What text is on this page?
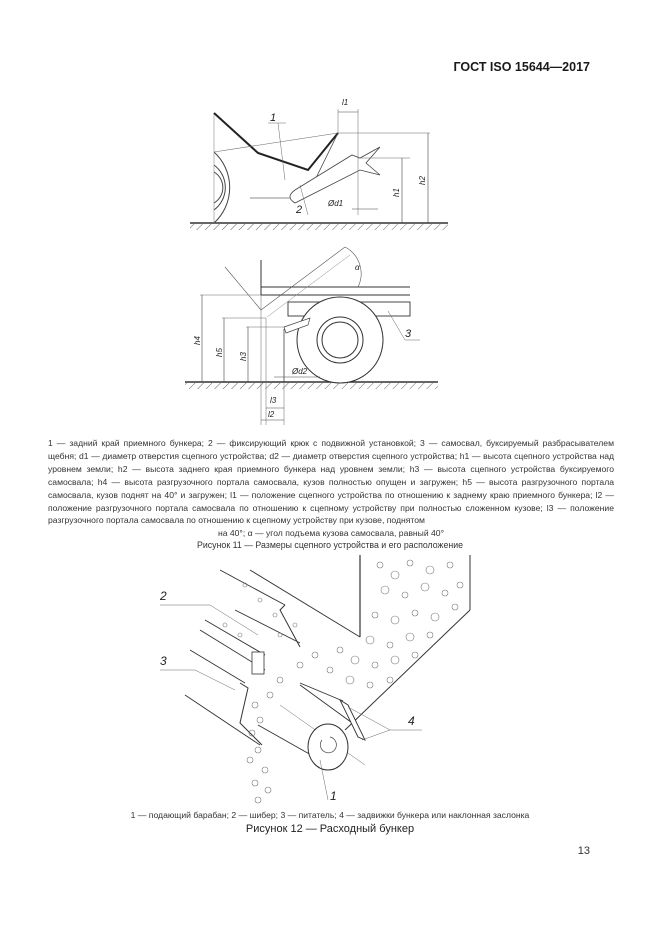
ГОСТ ISO 15644—2017
1
2
l1
Ød1
h1
h2
3
α
Ød2
l3
l2
h4
h5 h3
1 — задний край приемного бункера; 2 — фиксирующий крюк с подвижной установкой; 3 — самосвал, буксируемый разбрасывателем щебня; d1 — диаметр отверстия сцепного устройства; d2 — диаметр отверстия сцепного устройства; h1 — высота сцепного устройства над уровнем земли; h2 — высота заднего края приемного бункера над уровнем земли; h3 — высота сцепного устройства буксируемого самосвала; h4 — высота разгрузочного портала самосвала, кузов полностью опущен и загружен; h5 — высота разгрузочного портала самосвала, кузов поднят на 40° и загружен; l1 — положение сцепного устройства по отношению к заднему краю приемного бункера; l2 — положение разгрузочного портала самосвала по отношению к сцепному устройству при полностью сложенном кузове; l3 — положение разгрузочного портала самосвала по отношению к сцепному устройству при кузове, поднятом
на 40°; α — угол подъема кузова самосвала, равный 40°
Рисунок 11 — Размеры сцепного устройства и его расположение
2
3
4
1
1 — подающий барабан; 2 — шибер; 3 — питатель; 4 — задвижки бункера или наклонная заслонка
Рисунок 12 — Расходный бункер
13
